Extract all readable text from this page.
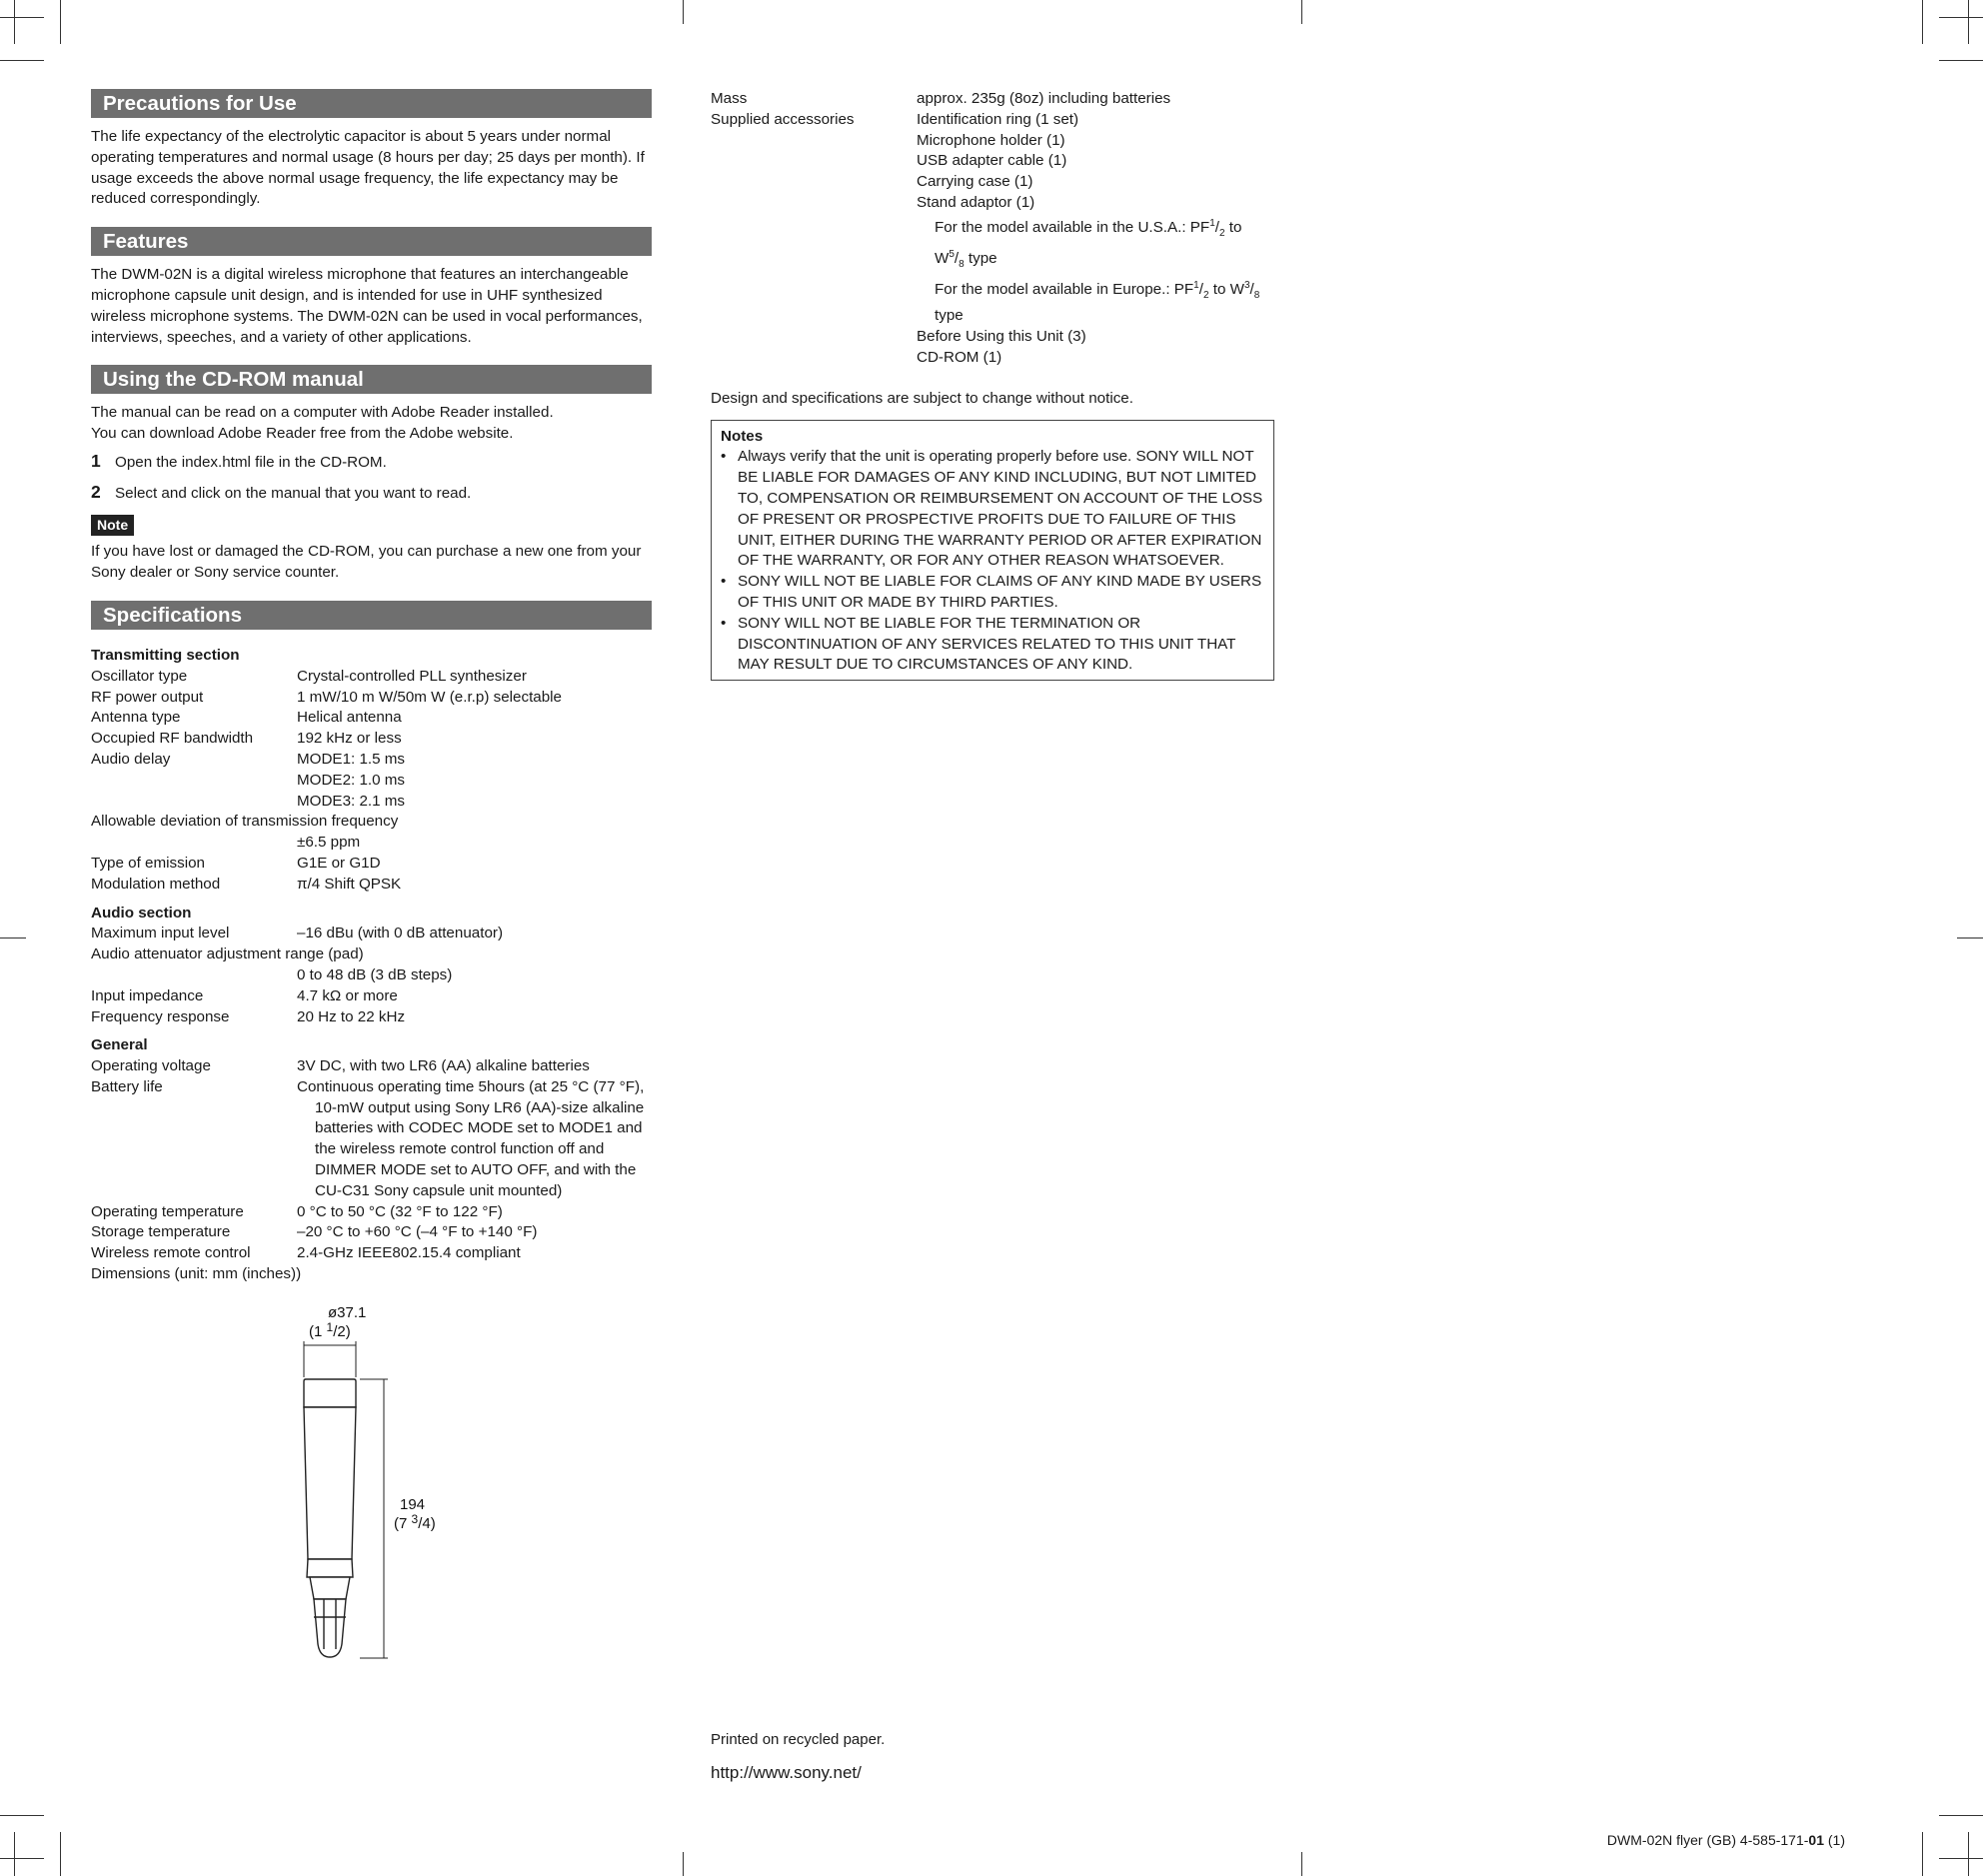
Precautions for Use

The life expectancy of the electrolytic capacitor is about 5 years under normal operating temperatures and normal usage (8 hours per day; 25 days per month). If usage exceeds the above normal usage frequency, the life expectancy may be reduced correspondingly.

Features

The DWM-02N is a digital wireless microphone that features an interchangeable microphone capsule unit design, and is intended for use in UHF synthesized wireless microphone systems. The DWM-02N can be used in vocal performances, interviews, speeches, and a variety of other applications.

Using the CD-ROM manual
The manual can be read on a computer with Adobe Reader installed.
You can download Adobe Reader free from the Adobe website.
1 Open the index.html file in the CD-ROM.
2 Select and click on the manual that you want to read.
Note

If you have lost or damaged the CD-ROM, you can purchase a new one from your Sony dealer or Sony service counter.

Specifications
Transmitting section
Oscillator type	Crystal-controlled PLL synthesizer
RF power output	1 mW/10 m W/50m W (e.r.p) selectable
Antenna type	Helical antenna
Occupied RF bandwidth	192 kHz or less
Audio delay	MODE1: 1.5 ms
MODE2: 1.0 ms
MODE3: 2.1 ms
Allowable deviation of transmission frequency
±6.5 ppm
Type of emission	G1E or G1D
Modulation method	π/4 Shift QPSK
Audio section
Maximum input level	–16 dBu (with 0 dB attenuator)
Audio attenuator adjustment range (pad)
0 to 48 dB (3 dB steps)
Input impedance	4.7 kΩ or more
Frequency response	20 Hz to 22 kHz
General
Operating voltage	3V DC, with two LR6 (AA) alkaline batteries
Battery life	Continuous operating time 5hours (at 25 °C (77 °F),
10-mW output using Sony LR6 (AA)-size alkaline
batteries with CODEC MODE set to MODE1 and
the wireless remote control function off and
DIMMER MODE set to AUTO OFF, and with the
CU-C31 Sony capsule unit mounted)
Operating temperature	0 °C to 50 °C (32 °F to 122 °F)
Storage temperature	–20 °C to +60 °C (–4 °F to +140 °F)
Wireless remote control	2.4-GHz IEEE802.15.4 compliant
Dimensions (unit: mm (inches))
ø37.1
(1 $^1$/2)
194
(7 $^3$/4)
Mass	approx. 235g (8oz) including batteries
Supplied accessories	Identification ring (1 set)
Microphone holder (1)
USB adapter cable (1)
Carrying case (1)
Stand adaptor (1)
For the model available in the U.S.A.: $PF^1/_2$ to
$W^5/_8$ type
For the model available in Europe.: $PF^1/_2$ to $W^3/_8$
type
Before Using this Unit (3)
CD-ROM (1)

Design and specifications are subject to change without notice.

Notes
• Always verify that the unit is operating properly before use. SONY WILL NOT BE LIABLE FOR DAMAGES OF ANY KIND INCLUDING, BUT NOT LIMITED TO, COMPENSATION OR REIMBURSEMENT ON ACCOUNT OF THE LOSS OF PRESENT OR PROSPECTIVE PROFITS DUE TO FAILURE OF THIS UNIT, EITHER DURING THE WARRANTY PERIOD OR AFTER EXPIRATION OF THE WARRANTY, OR FOR ANY OTHER REASON WHATSOEVER.
• SONY WILL NOT BE LIABLE FOR CLAIMS OF ANY KIND MADE BY USERS OF THIS UNIT OR MADE BY THIRD PARTIES.
• SONY WILL NOT BE LIABLE FOR THE TERMINATION OR DISCONTINUATION OF ANY SERVICES RELATED TO THIS UNIT THAT MAY RESULT DUE TO CIRCUMSTANCES OF ANY KIND.
Printed on recycled paper.
http://www.sony.net/
DWM-02N flyer (GB) 4-585-171-01 (1)
